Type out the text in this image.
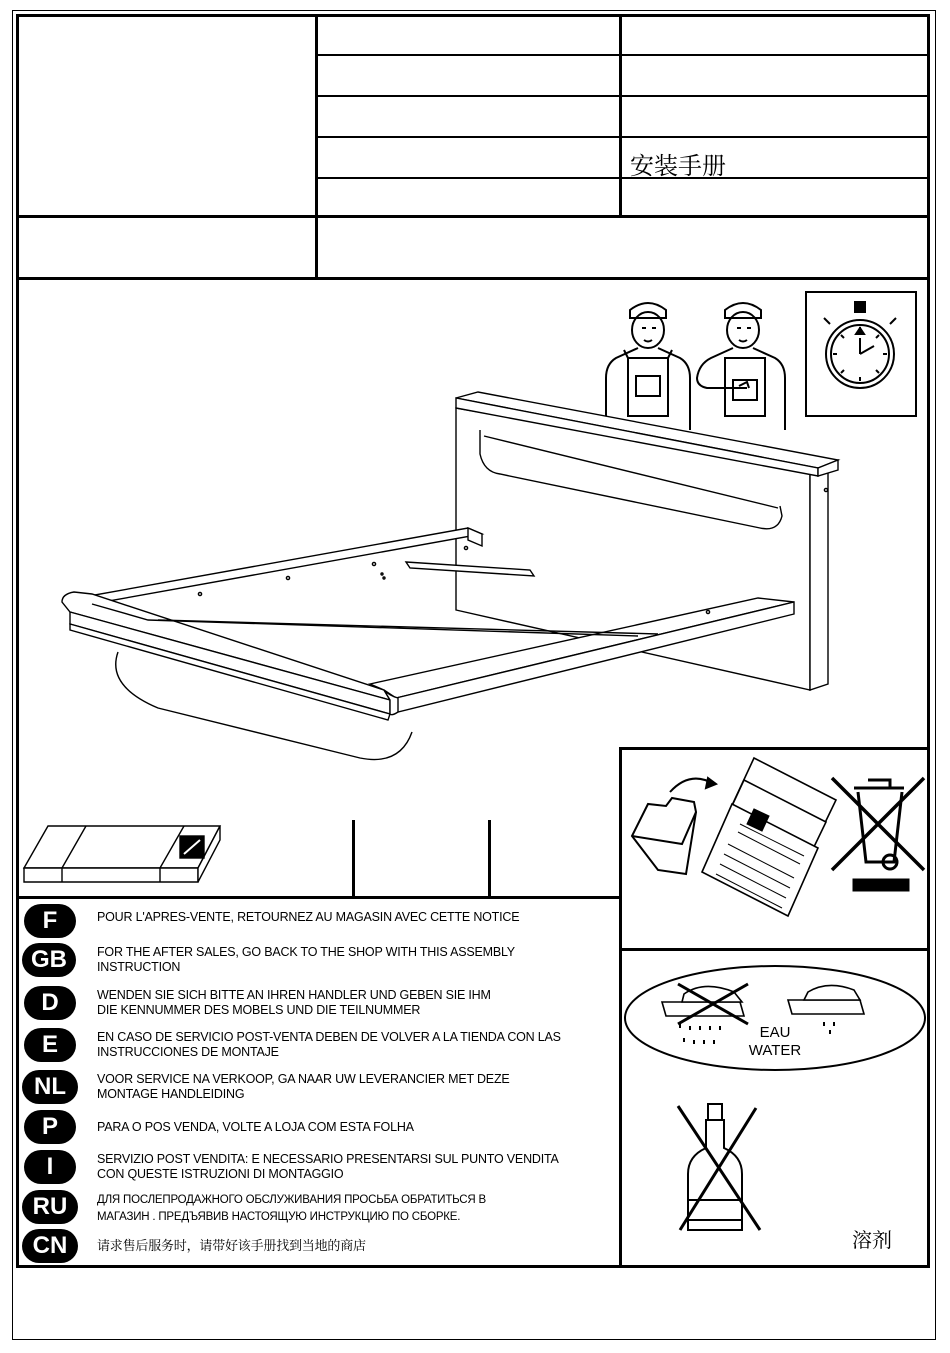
安装手册
EAU
WATER
溶剂
F	POUR L'APRES-VENTE, RETOURNEZ AU MAGASIN AVEC CETTE NOTICE
GB	FOR THE AFTER SALES, GO BACK TO THE SHOP WITH THIS ASSEMBLY
INSTRUCTION
D	WENDEN SIE SICH BITTE AN IHREN HANDLER UND GEBEN SIE IHM
DIE KENNUMMER DES MOBELS UND DIE TEILNUMMER
E	EN CASO DE SERVICIO POST-VENTA DEBEN DE VOLVER A LA TIENDA CON LAS
INSTRUCCIONES DE MONTAJE
NL	VOOR SERVICE NA VERKOOP, GA NAAR UW LEVERANCIER MET DEZE
MONTAGE HANDLEIDING
P	PARA O POS VENDA, VOLTE A LOJA COM ESTA FOLHA
I	SERVIZIO POST VENDITA: E NECESSARIO PRESENTARSI SUL PUNTO VENDITA
CON QUESTE ISTRUZIONI DI MONTAGGIO
RU	ДЛЯ ПОСЛЕПРОДАЖНОГО ОБСЛУЖИВАНИЯ ПРОСЬБА ОБРАТИТЬСЯ В
МАГАЗИН . ПРЕДЪЯВИВ НАСТОЯЩУЮ ИНСТРУКЦИЮ ПО СБОРКЕ.
CN	请求售后服务时，请带好该手册找到当地的商店
